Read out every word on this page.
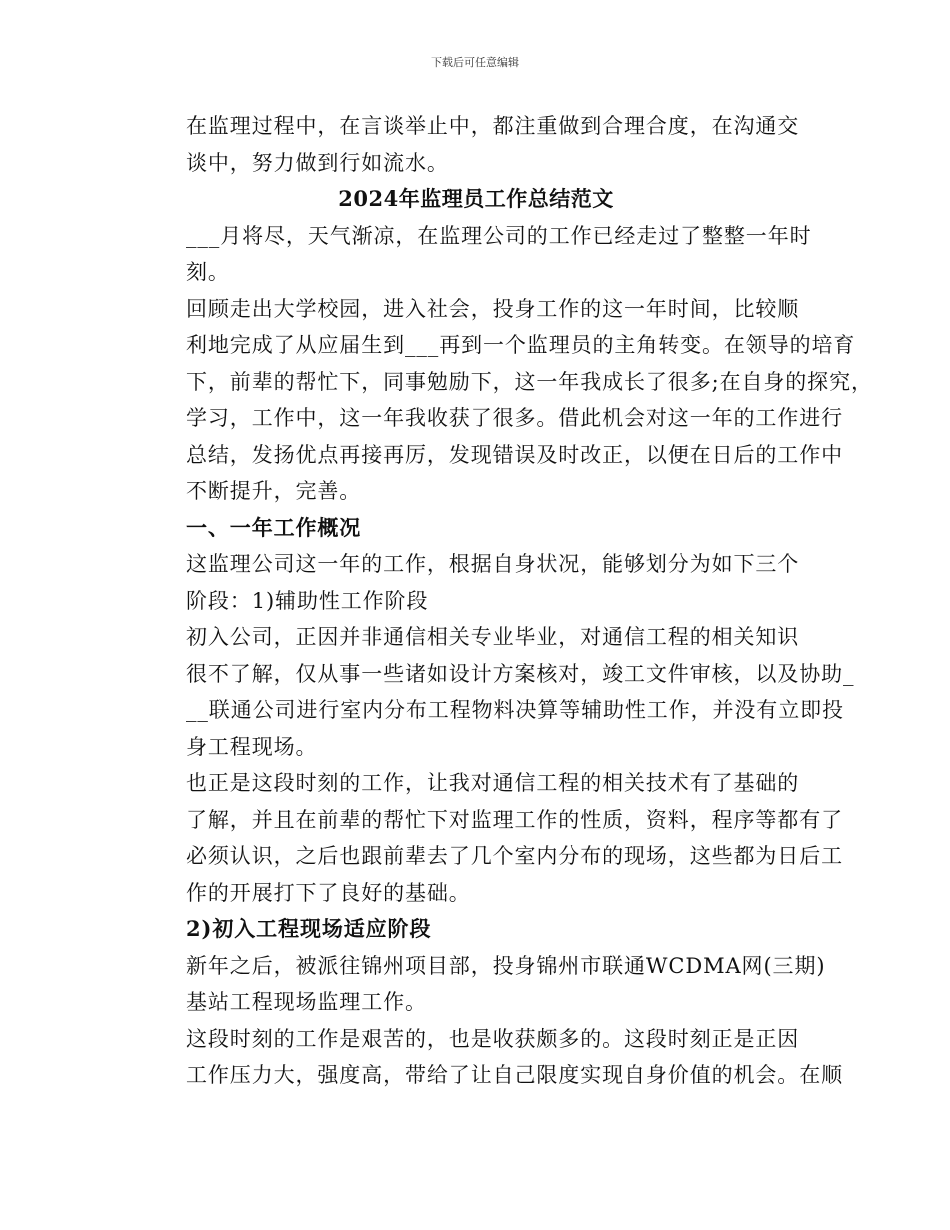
下载后可任意编辑

在监理过程中，在言谈举止中，都注重做到合理合度，在沟通交
谈中，努力做到行如流水。

2024年监理员工作总结范文

___月将尽，天气渐凉，在监理公司的工作已经走过了整整一年时
刻。

回顾走出大学校园，进入社会，投身工作的这一年时间，比较顺
利地完成了从应届生到___再到一个监理员的主角转变。在领导的培育
下，前辈的帮忙下，同事勉励下，这一年我成长了很多;在自身的探究，
学习，工作中，这一年我收获了很多。借此机会对这一年的工作进行
总结，发扬优点再接再厉，发现错误及时改正，以便在日后的工作中
不断提升，完善。

一、一年工作概况

这监理公司这一年的工作，根据自身状况，能够划分为如下三个
阶段：1)辅助性工作阶段

初入公司，正因并非通信相关专业毕业，对通信工程的相关知识
很不了解，仅从事一些诸如设计方案核对，竣工文件审核，以及协助_
__联通公司进行室内分布工程物料决算等辅助性工作，并没有立即投
身工程现场。

也正是这段时刻的工作，让我对通信工程的相关技术有了基础的
了解，并且在前辈的帮忙下对监理工作的性质，资料，程序等都有了
必须认识，之后也跟前辈去了几个室内分布的现场，这些都为日后工
作的开展打下了良好的基础。

2)初入工程现场适应阶段

新年之后，被派往锦州项目部，投身锦州市联通WCDMA网(三期)
基站工程现场监理工作。

这段时刻的工作是艰苦的，也是收获颇多的。这段时刻正是正因
工作压力大，强度高，带给了让自己限度实现自身价值的机会。在顺
